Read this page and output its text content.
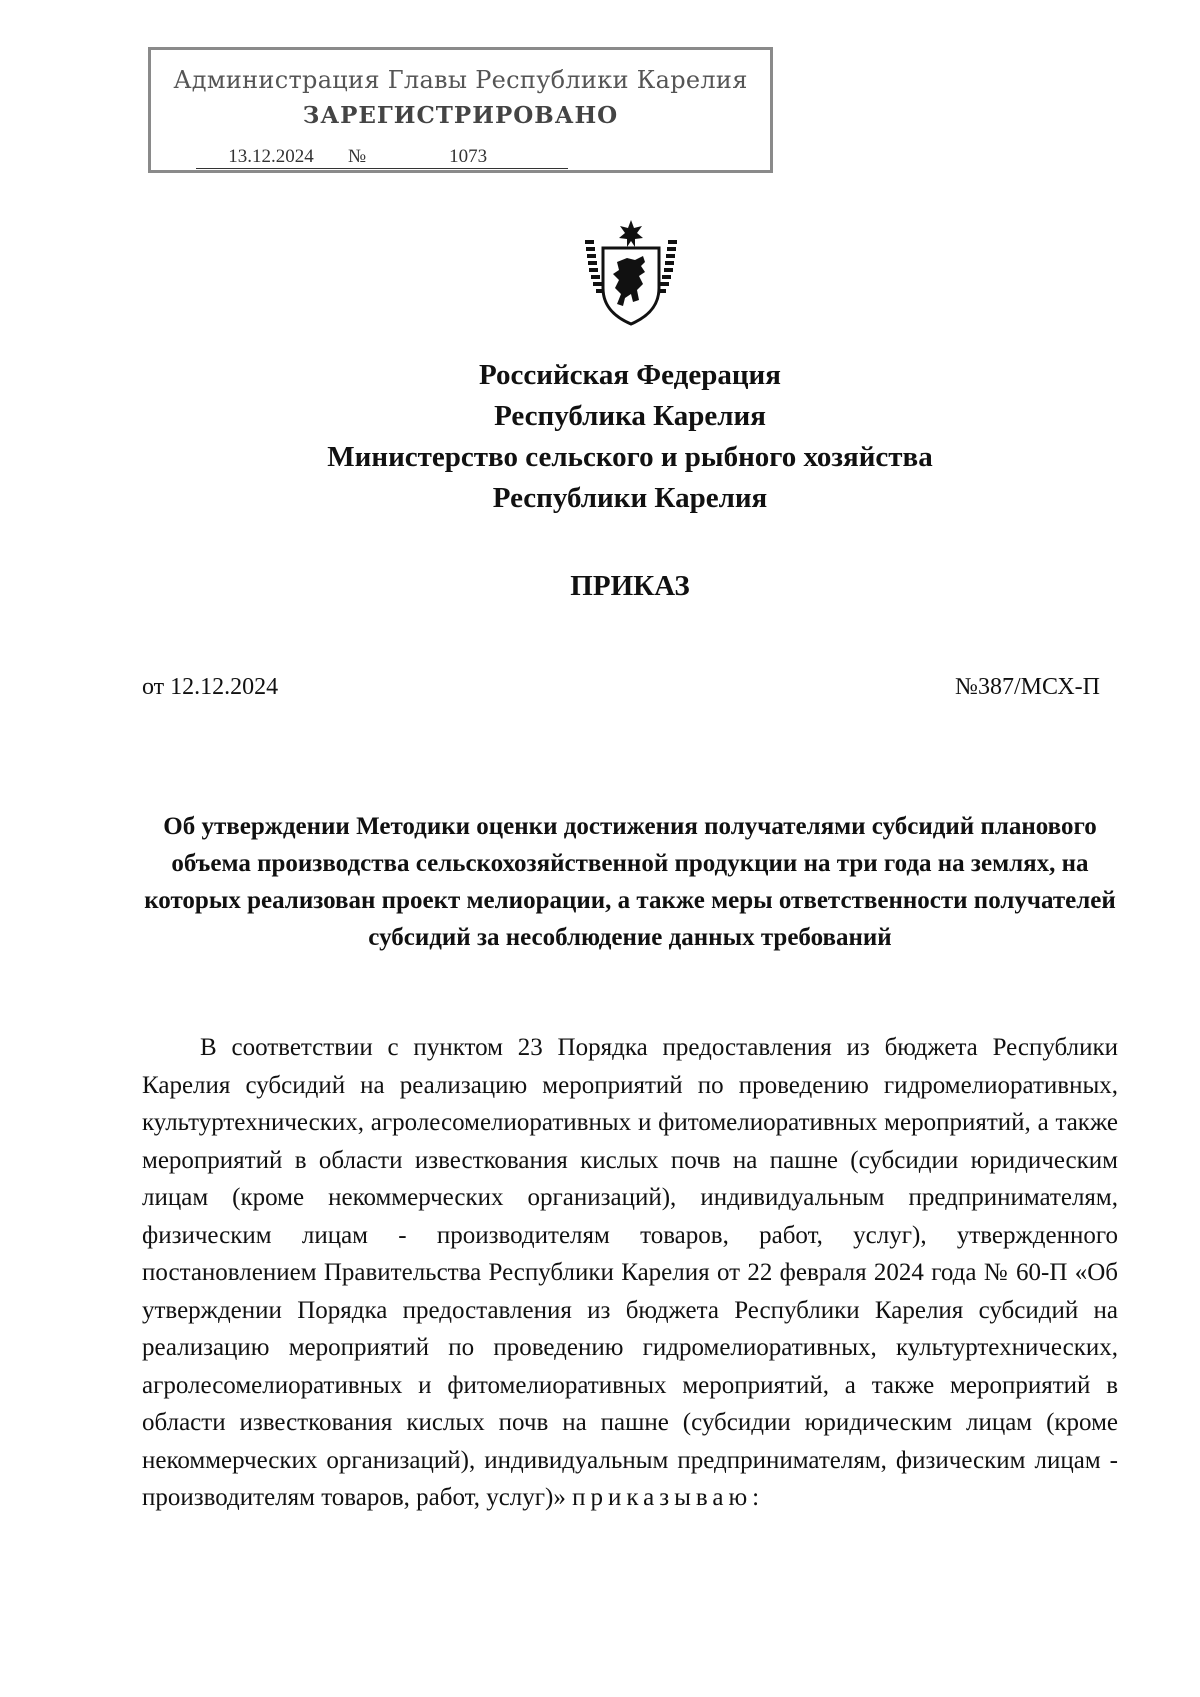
Администрация Главы Республики Карелия
ЗАРЕГИСТРИРОВАНО
13.12.2024 №	1073
Российская Федерация
Республика Карелия
Министерство сельского и рыбного хозяйства
Республики Карелия
ПРИКАЗ
от 12.12.2024	№387/МСХ-П
Об утверждении Методики оценки достижения получателями субсидий планового объема производства сельскохозяйственной продукции на три года на землях, на которых реализован проект мелиорации, а также меры ответственности получателей субсидий за несоблюдение данных требований
В соответствии с пунктом 23 Порядка предоставления из бюджета Республики Карелия субсидий на реализацию мероприятий по проведению гидромелиоративных, культуртехнических, агролесомелиоративных и фитомелиоративных мероприятий, а также мероприятий в области известкования кислых почв на пашне (субсидии юридическим лицам (кроме некоммерческих организаций), индивидуальным предпринимателям, физическим лицам - производителям товаров, работ, услуг), утвержденного постановлением Правительства Республики Карелия от 22 февраля 2024 года № 60-П «Об утверждении Порядка предоставления из бюджета Республики Карелия субсидий на реализацию мероприятий по проведению гидромелиоративных, культуртехнических, агролесомелиоративных и фитомелиоративных мероприятий, а также мероприятий в области известкования кислых почв на пашне (субсидии юридическим лицам (кроме некоммерческих организаций), индивидуальным предпринимателям, физическим лицам - производителям товаров, работ, услуг)» приказываю:
